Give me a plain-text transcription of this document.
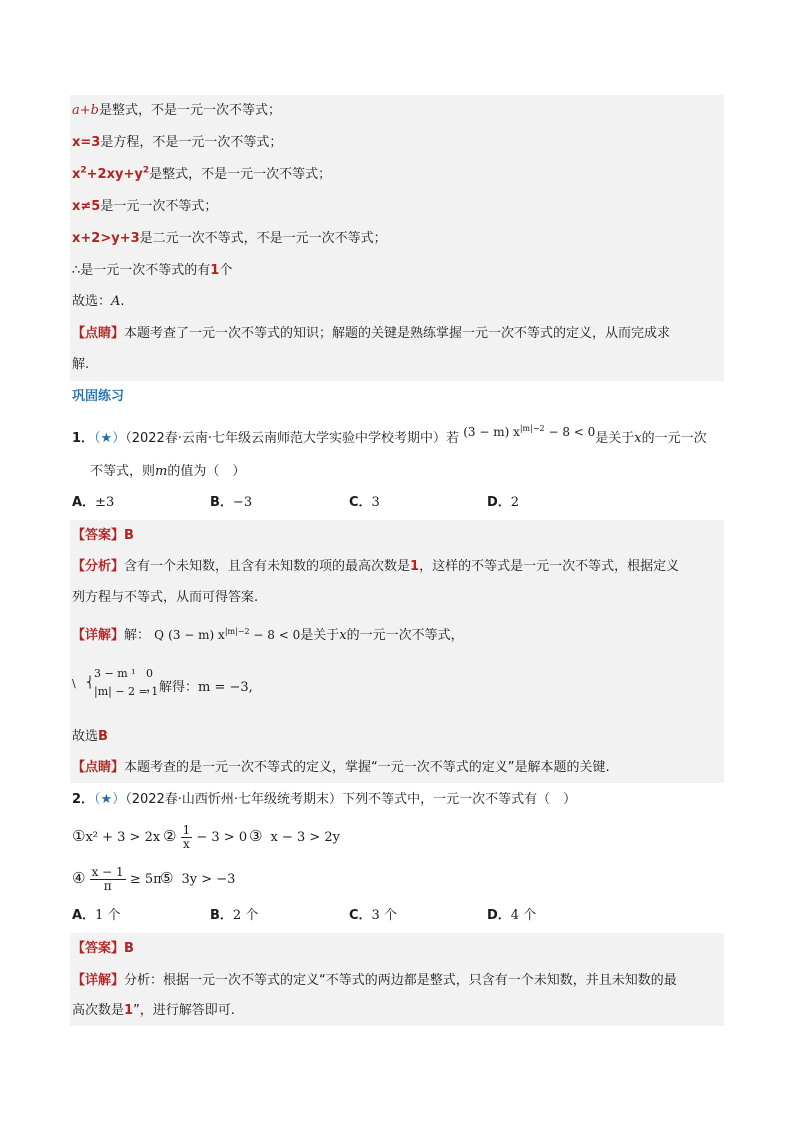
a+b是整式，不是一元一次不等式；
x=3是方程，不是一元一次不等式；
$x^2+2xy+y^2$是整式，不是一元一次不等式；
x≠5是一元一次不等式；
x+2>y+3是二元一次不等式，不是一元一次不等式；
∴是一元一次不等式的有1个
故选：A.
【点睛】本题考查了一元一次不等式的知识；解题的关键是熟练掌握一元一次不等式的定义，从而完成求
解.
巩固练习
1．（★）（2022春·云南·七年级云南师范大学实验中学校考期中）若 (3 − m) $x^{|m|-2} - 8 < 0$是关于x的一元一次
不等式，则m的值为（　）
A．±3	B．−3	C．3	D．2
【答案】B
【分析】含有一个未知数，且含有未知数的项的最高次数是1，这样的不等式是一元一次不等式，根据定义
列方程与不等式，从而可得答案.
【详解】解： Q (3 − m) $x^{|m|-2} - 8 < 0$是关于x的一元一次不等式，
\ ⎨
3 − m ¹   0
|m| − 2 = 1
，解得：m = −3,
故选B
【点睛】本题考查的是一元一次不等式的定义，掌握“一元一次不等式的定义”是解本题的关键.
2．（★）（2022春·山西忻州·七年级统考期末）下列不等式中，一元一次不等式有（　）
①x² + 3 > 2x ② $\frac{1}{x} - 3 > 0$ ③ x − 3 > 2y
④ $\frac{x - 1}{\pi} \ge 5\pi$
⑤ 3y > −3
A．1 个	B．2 个	C．3 个	D．4 个
【答案】B
【详解】分析：根据一元一次不等式的定义“不等式的两边都是整式，只含有一个未知数，并且未知数的最
高次数是1”，进行解答即可.
